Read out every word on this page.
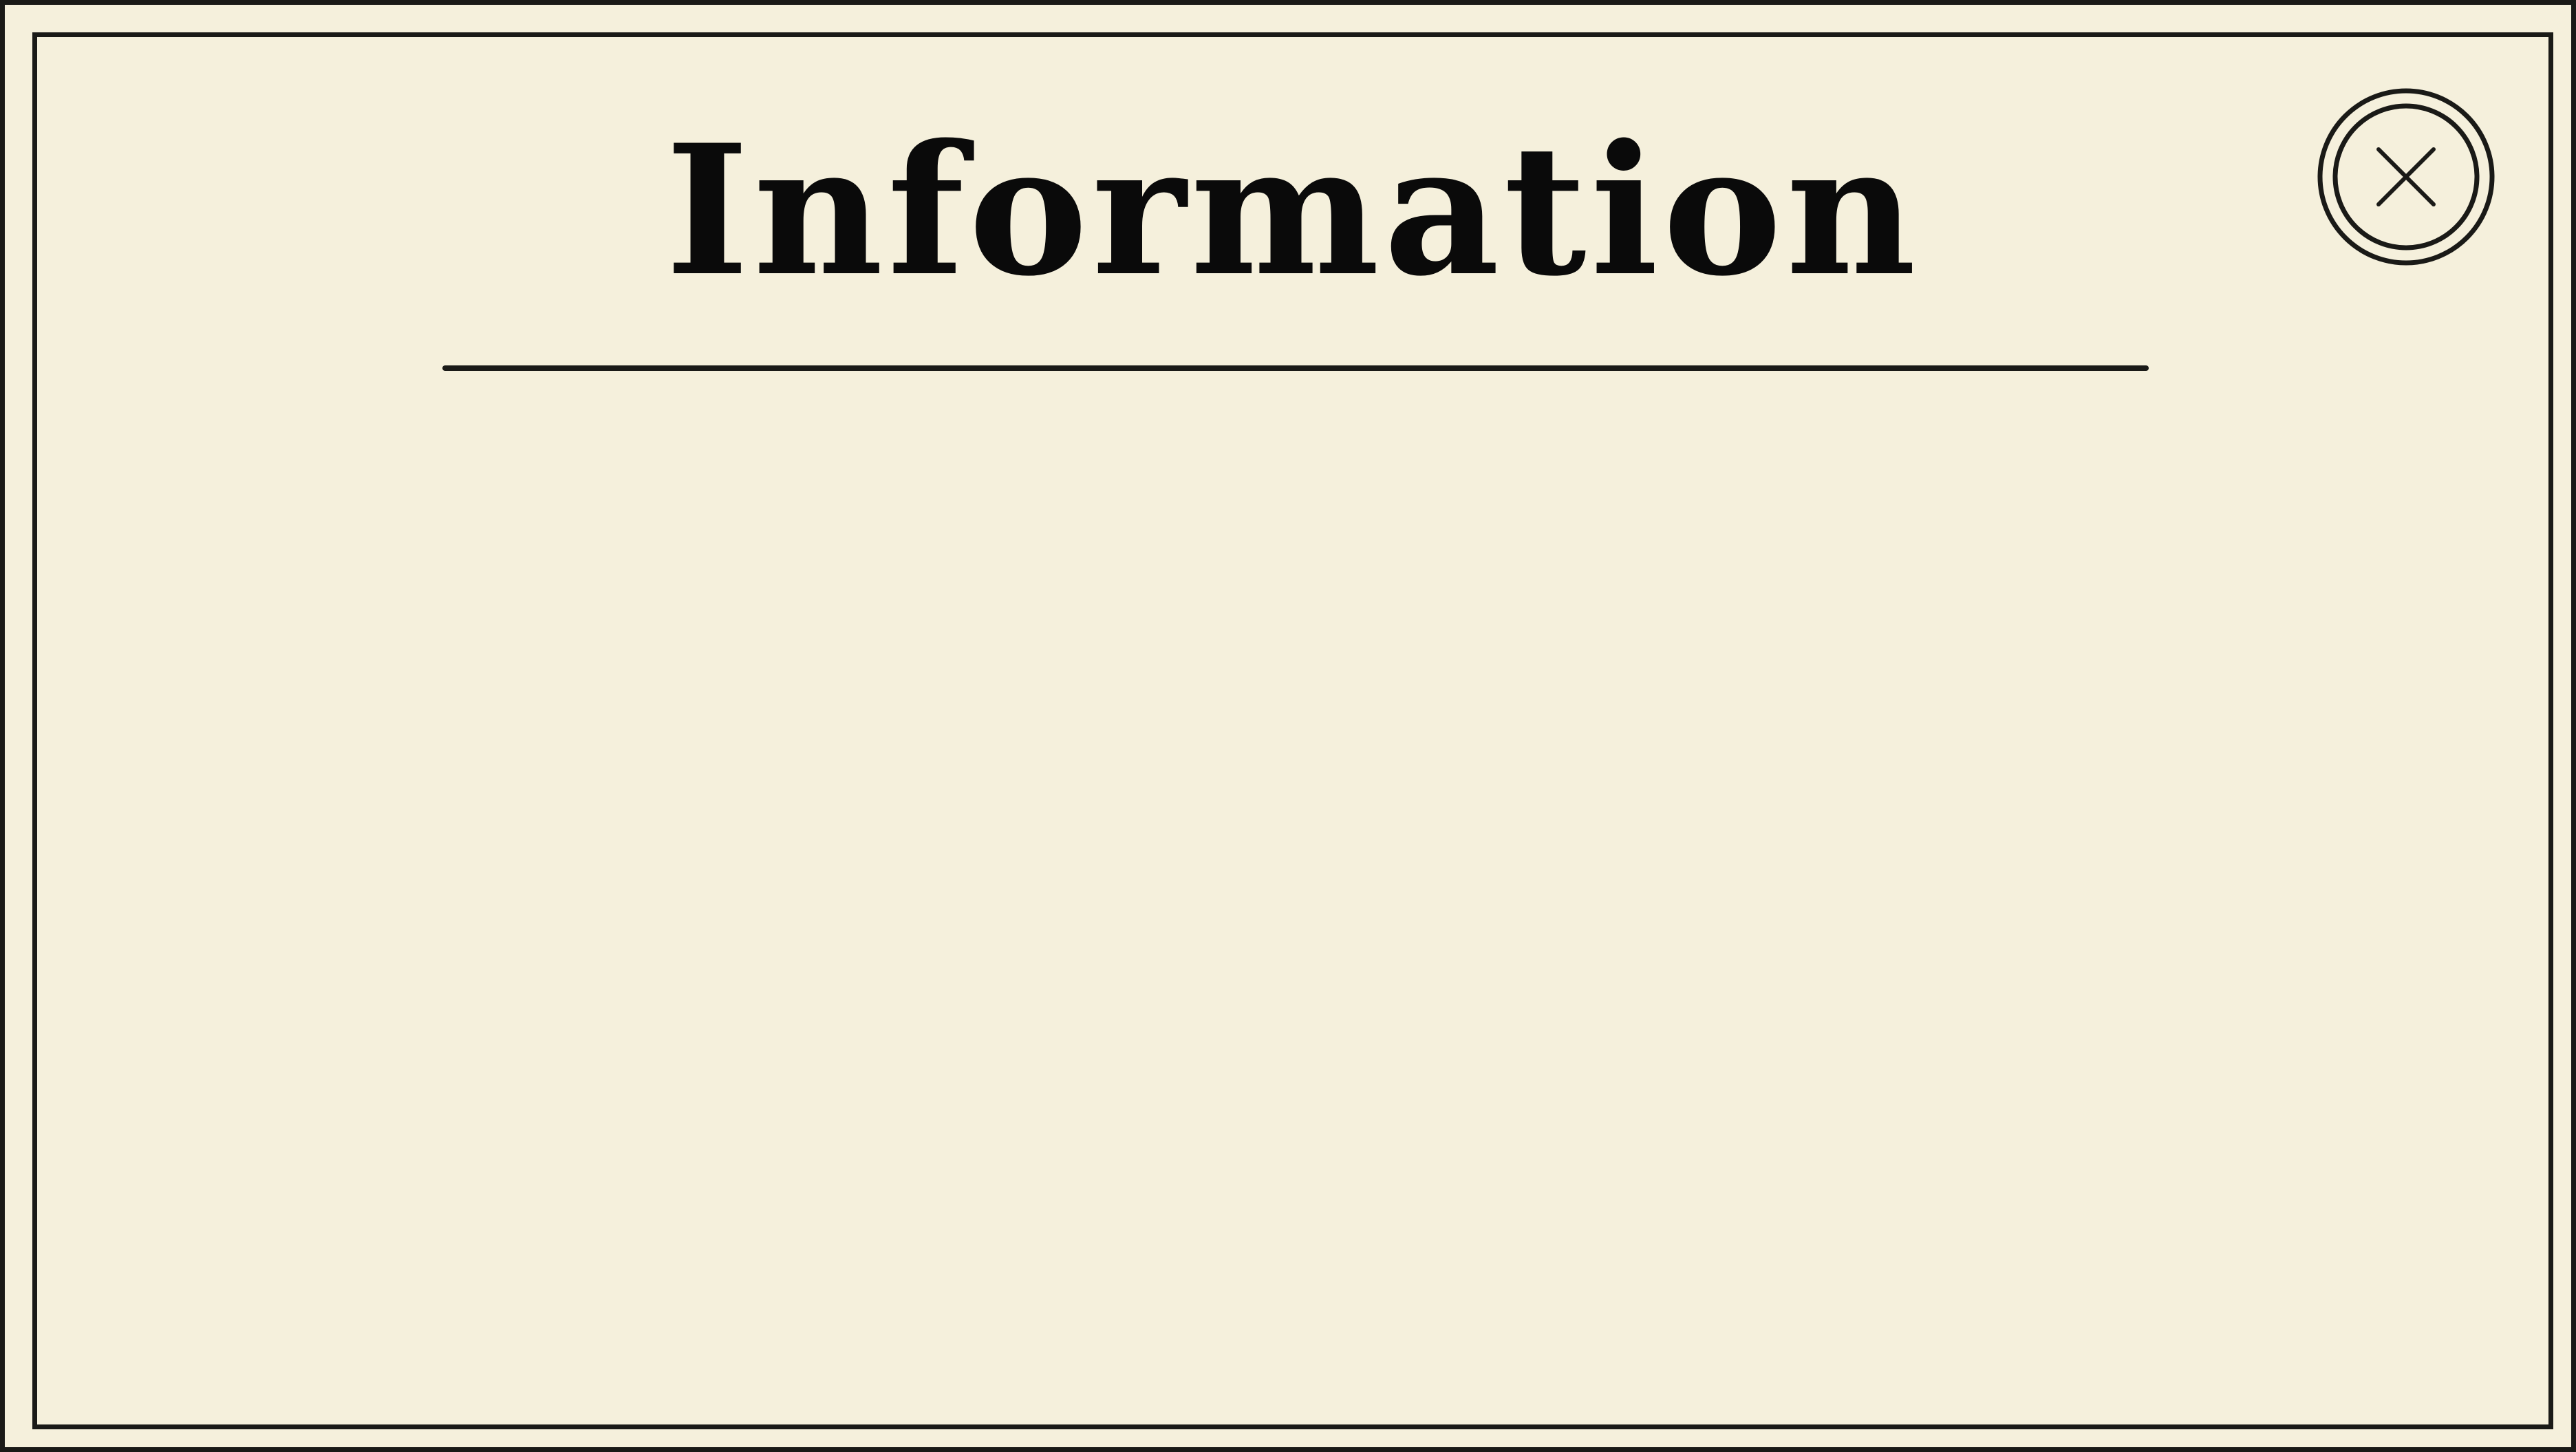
Information
